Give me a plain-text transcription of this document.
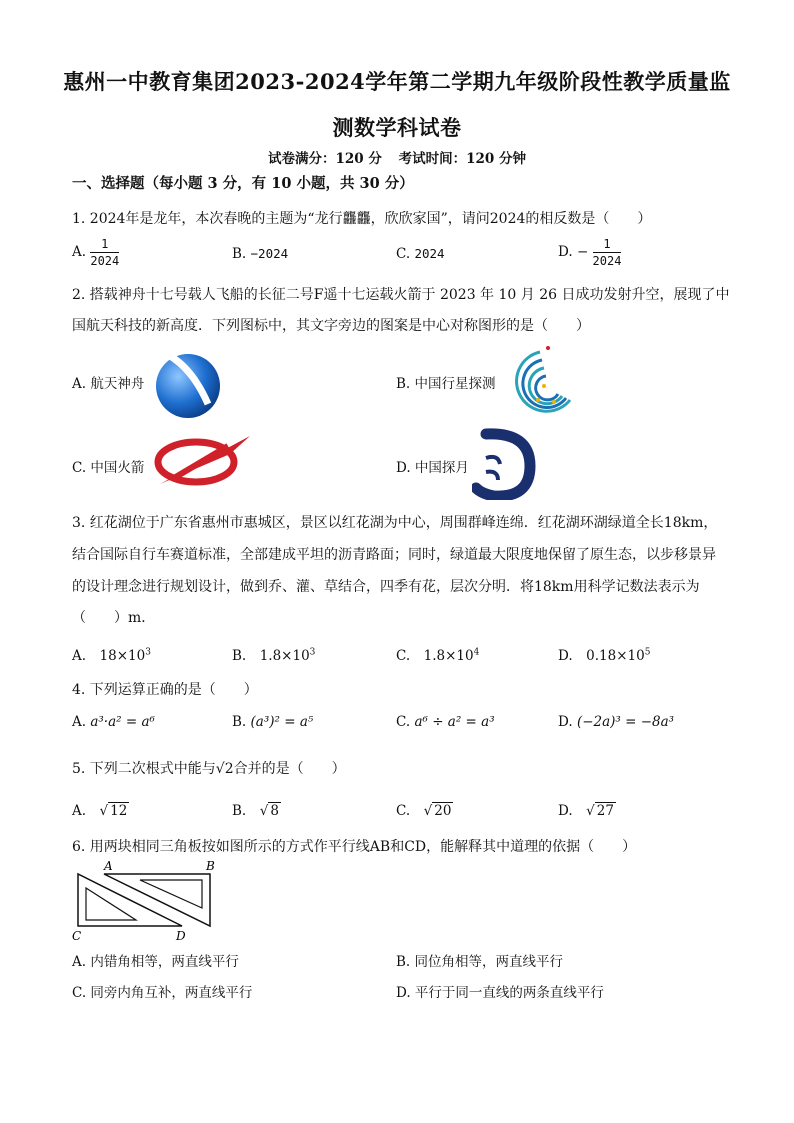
惠州一中教育集团2023-2024学年第二学期九年级阶段性教学质量监
测数学科试卷
试卷满分：120 分 考试时间：120 分钟
一、选择题（每小题 3 分，有 10 小题，共 30 分）
1. 2024年是龙年，本次春晚的主题为“龙行龘龘，欣欣家国”，请问2024的相反数是（　　）
A. $\frac{1}{2024}$	B. −2024	C. 2024	D. − $\frac{1}{2024}$
2. 搭载神舟十七号载人飞船的长征二号F遥十七运载火箭于 2023 年 10 月 26 日成功发射升空，展现了中
国航天科技的新高度．下列图标中，其文字旁边的图案是中心对称图形的是（　　）
A. 航天神舟	B. 中国行星探测
C. 中国火箭	D. 中国探月
3. 红花湖位于广东省惠州市惠城区，景区以红花湖为中心，周围群峰连绵．红花湖环湖绿道全长18km，
结合国际自行车赛道标准，全部建成平坦的沥青路面；同时，绿道最大限度地保留了原生态，以步移景异
的设计理念进行规划设计，做到乔、灌、草结合，四季有花，层次分明．将18km用科学记数法表示为
（　　）m．
A.　$18\times 10^3$	B.　$1.8\times 10^3$	C.　$1.8\times 10^4$	D.　$0.18\times 10^5$
4. 下列运算正确的是（　　）
A. a³·a² = a⁶	B. (a³)² = a⁵	C. a⁶ ÷ a² = a³	D. (−2a)³ = −8a³
5. 下列二次根式中能与√2合并的是（　　）
A.　√ 12	B.　√ 8	C.　√ 20	D.　√ 27
6. 用两块相同三角板按如图所示的方式作平行线AB和CD，能解释其中道理的依据（　　）
A	B
C	D
A. 内错角相等，两直线平行	B. 同位角相等，两直线平行
C. 同旁内角互补，两直线平行	D. 平行于同一直线的两条直线平行
